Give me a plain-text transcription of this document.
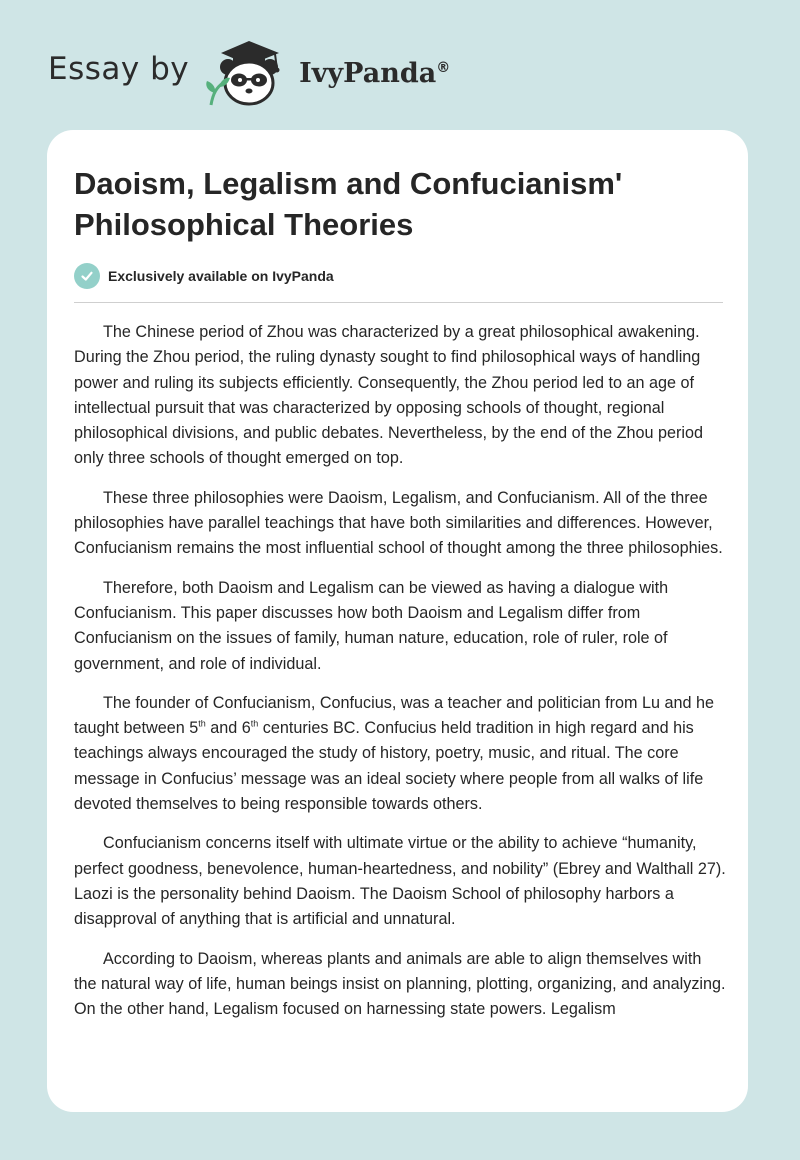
Essay by	IvyPanda®
Daoism, Legalism and Confucianism' Philosophical Theories
Exclusively available on IvyPanda

The Chinese period of Zhou was characterized by a great philosophical awakening. During the Zhou period, the ruling dynasty sought to find philosophical ways of handling power and ruling its subjects efficiently. Consequently, the Zhou period led to an age of intellectual pursuit that was characterized by opposing schools of thought, regional philosophical divisions, and public debates. Nevertheless, by the end of the Zhou period only three schools of thought emerged on top.

These three philosophies were Daoism, Legalism, and Confucianism. All of the three philosophies have parallel teachings that have both similarities and differences. However, Confucianism remains the most influential school of thought among the three philosophies.

Therefore, both Daoism and Legalism can be viewed as having a dialogue with Confucianism. This paper discusses how both Daoism and Legalism differ from Confucianism on the issues of family, human nature, education, role of ruler, role of government, and role of individual.

The founder of Confucianism, Confucius, was a teacher and politician from Lu and he taught between 5th and 6th centuries BC. Confucius held tradition in high regard and his teachings always encouraged the study of history, poetry, music, and ritual. The core message in Confucius’ message was an ideal society where people from all walks of life devoted themselves to being responsible towards others.

Confucianism concerns itself with ultimate virtue or the ability to achieve “humanity, perfect goodness, benevolence, human-heartedness, and nobility” (Ebrey and Walthall 27). Laozi is the personality behind Daoism. The Daoism School of philosophy harbors a disapproval of anything that is artificial and unnatural.

According to Daoism, whereas plants and animals are able to align themselves with the natural way of life, human beings insist on planning, plotting, organizing, and analyzing. On the other hand, Legalism focused on harnessing state powers. Legalism
